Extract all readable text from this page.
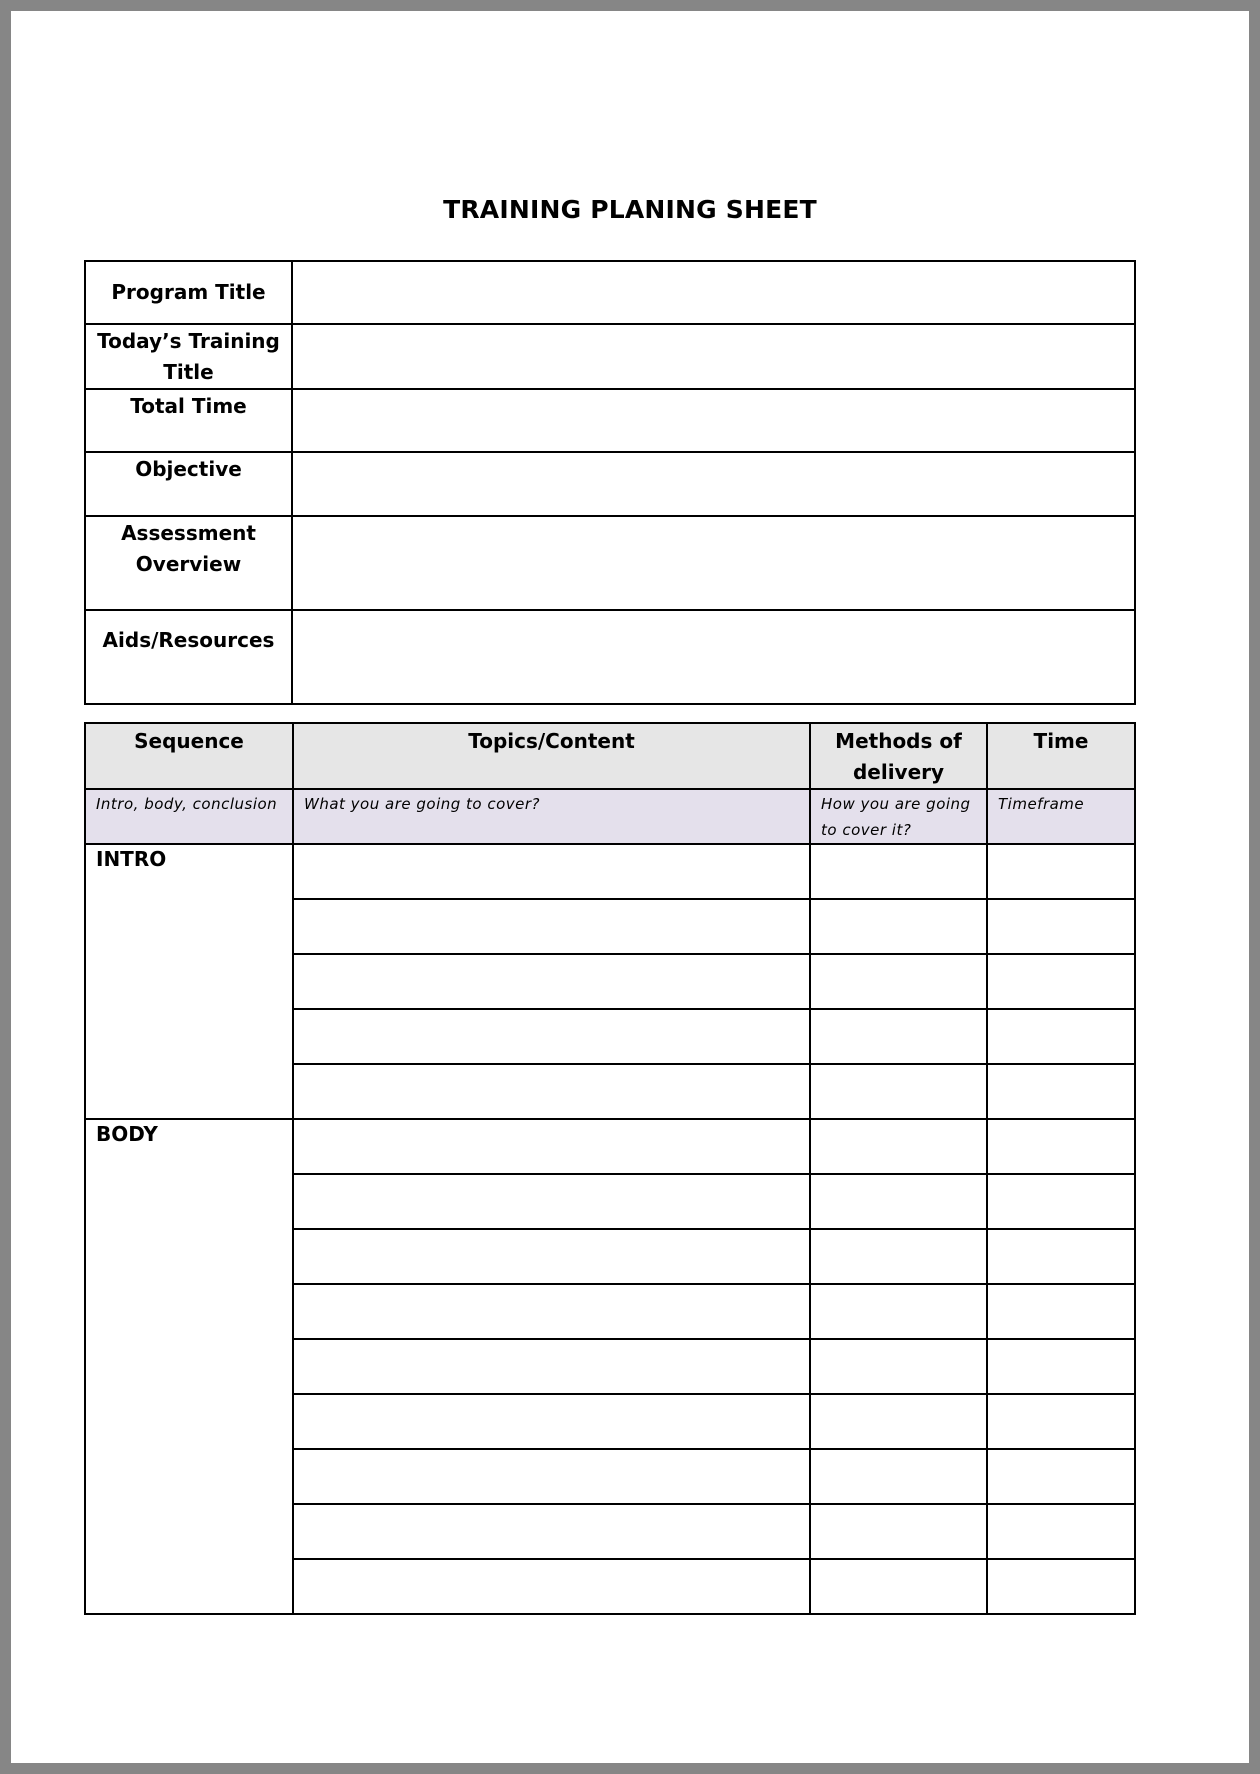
TRAINING PLANING SHEET
Program Title	
Today’s Training Title	
Total Time	
Objective	
Assessment Overview	
Aids/Resources	
Sequence	Topics/Content	Methods of delivery	Time
Intro, body, conclusion	What you are going to cover?	How you are going to cover it?	Timeframe
INTRO			

BODY			
